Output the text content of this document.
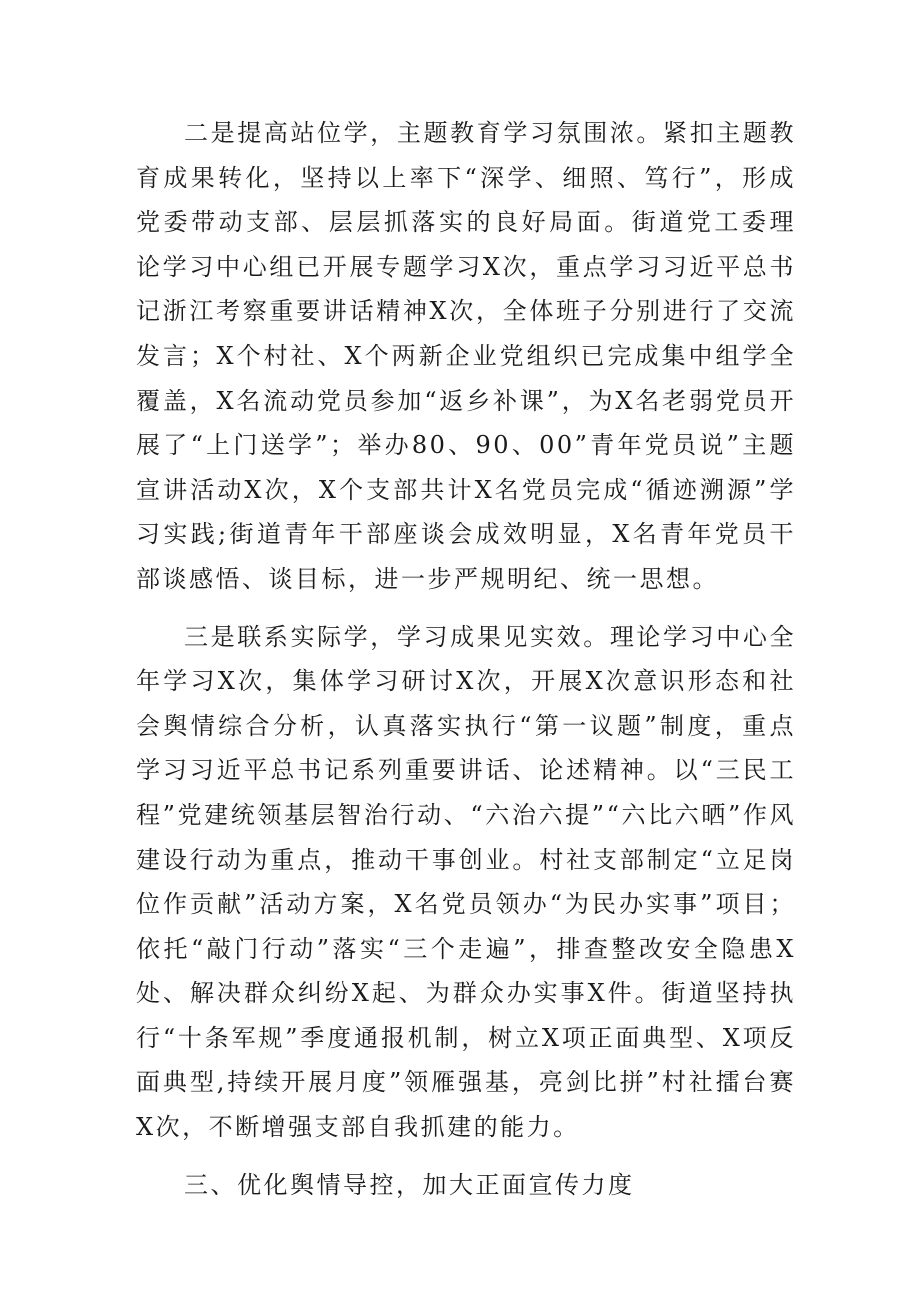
二是提高站位学，主题教育学习氛围浓。紧扣主题教育成果转化，坚持以上率下“深学、细照、笃行”，形成党委带动支部、层层抓落实的良好局面。街道党工委理论学习中心组已开展专题学习X次，重点学习习近平总书记浙江考察重要讲话精神X次，全体班子分别进行了交流发言；X个村社、X个两新企业党组织已完成集中组学全覆盖，X名流动党员参加“返乡补课”，为X名老弱党员开展了“上门送学”；举办80、90、00”青年党员说”主题宣讲活动X次，X个支部共计X名党员完成“循迹溯源”学习实践;街道青年干部座谈会成效明显，X名青年党员干部谈感悟、谈目标，进一步严规明纪、统一思想。

三是联系实际学，学习成果见实效。理论学习中心全年学习X次，集体学习研讨X次，开展X次意识形态和社会舆情综合分析，认真落实执行“第一议题”制度，重点学习习近平总书记系列重要讲话、论述精神。以“三民工程”党建统领基层智治行动、“六治六提”“六比六晒”作风建设行动为重点，推动干事创业。村社支部制定“立足岗位作贡献”活动方案，X名党员领办“为民办实事”项目；依托“敲门行动”落实“三个走遍”，排查整改安全隐患X处、解决群众纠纷X起、为群众办实事X件。街道坚持执行“十条军规”季度通报机制，树立X项正面典型、X项反面典型,持续开展月度”领雁强基，亮剑比拼”村社擂台赛X次，不断增强支部自我抓建的能力。

三、优化舆情导控，加大正面宣传力度
